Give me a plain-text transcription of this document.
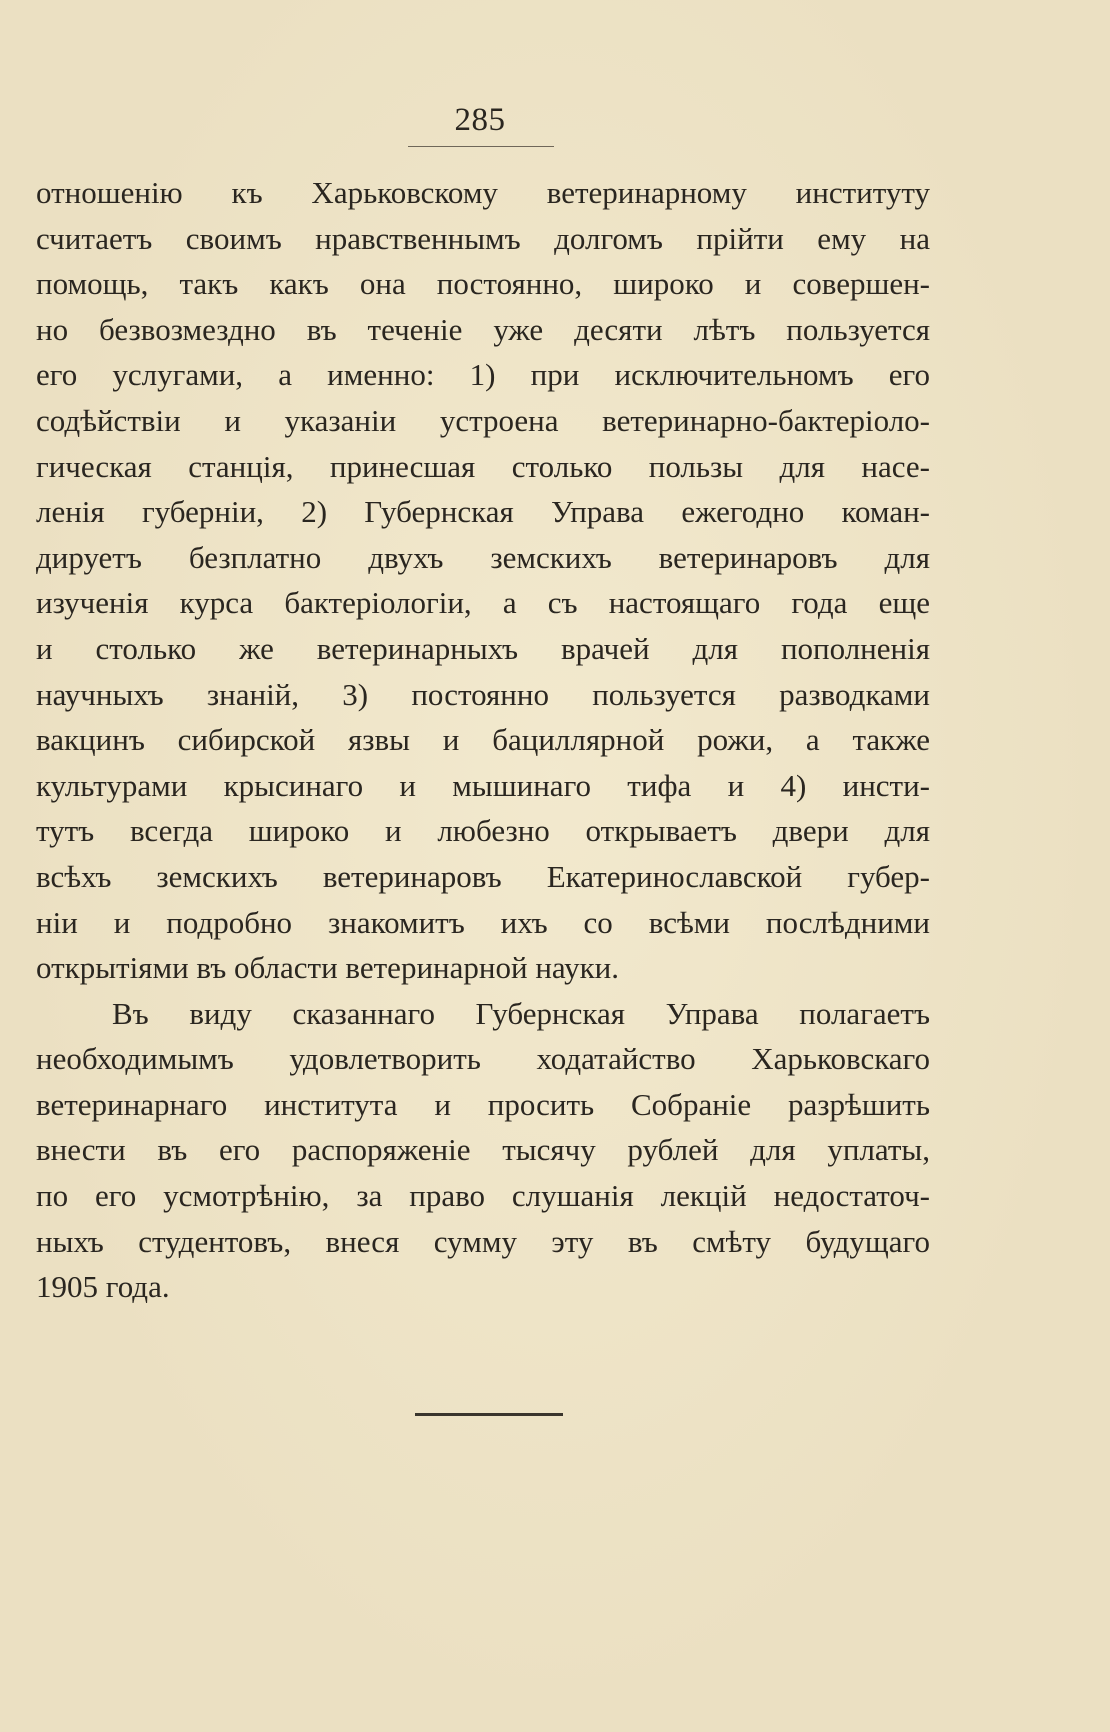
285
отношенію къ Харьковскому ветеринарному институту
считаетъ своимъ нравственнымъ долгомъ прійти ему на
помощь, такъ какъ она постоянно, широко и совершен-
но безвозмездно въ теченіе уже десяти лѣтъ пользуется
его услугами, а именно: 1) при исключительномъ его
содѣйствіи и указаніи устроена ветеринарно-бактеріоло-
гическая станція, принесшая столько пользы для насе-
ленія губерніи, 2) Губернская Управа ежегодно коман-
дируетъ безплатно двухъ земскихъ ветеринаровъ для
изученія курса бактеріологіи, а съ настоящаго года еще
и столько же ветеринарныхъ врачей для пополненія
научныхъ знаній, 3) постоянно пользуется разводками
вакцинъ сибирской язвы и бациллярной рожи, а также
культурами крысинаго и мышинаго тифа и 4) инсти-
тутъ всегда широко и любезно открываетъ двери для
всѣхъ земскихъ ветеринаровъ Екатеринославской губер-
ніи и подробно знакомитъ ихъ со всѣми послѣдними
открытіями въ области ветеринарной науки.
Въ виду сказаннаго Губернская Управа полагаетъ
необходимымъ удовлетворить ходатайство Харьковскаго
ветеринарнаго института и просить Собраніе разрѣшить
внести въ его распоряженіе тысячу рублей для уплаты,
по его усмотрѣнію, за право слушанія лекцій недостаточ-
ныхъ студентовъ, внеся сумму эту въ смѣту будущаго
1905 года.
